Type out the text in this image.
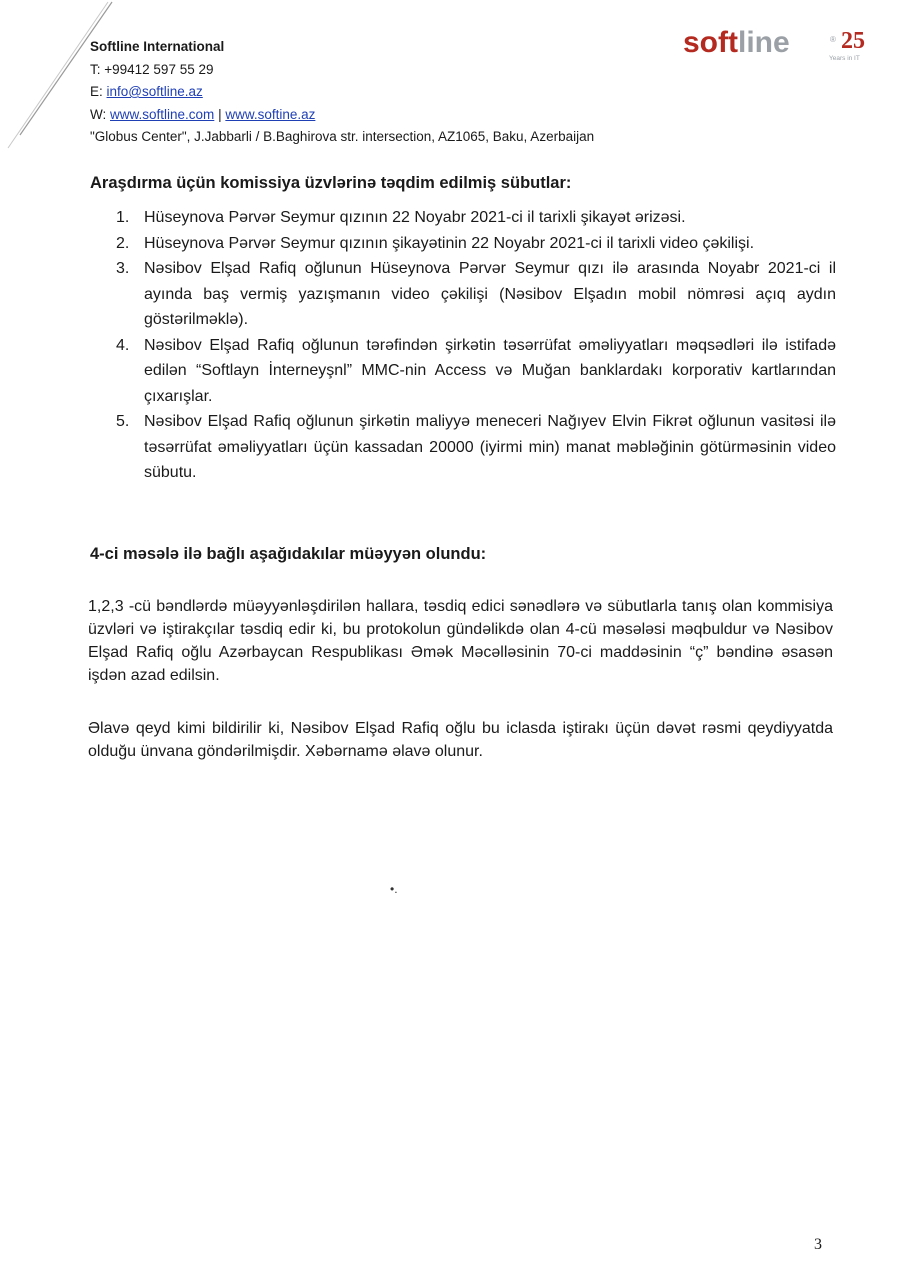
Softline International
T: +99412 597 55 29
E: info@softline.az
W: www.softline.com | www.softine.az
"Globus Center", J.Jabbarli / B.Baghirova str. intersection, AZ1065, Baku, Azerbaijan
softline	® 25
Years in IT
Araşdırma üçün komissiya üzvlərinə təqdim edilmiş sübutlar:
1. Hüseynova Pərvər Seymur qızının 22 Noyabr 2021-ci il tarixli şikayət ərizəsi.
2. Hüseynova Pərvər Seymur qızının şikayətinin 22 Noyabr 2021-ci il tarixli video çəkilişi.
3. Nəsibov Elşad Rafiq oğlunun Hüseynova Pərvər Seymur qızı ilə arasında Noyabr 2021-ci il ayında baş vermiş yazışmanın video çəkilişi (Nəsibov Elşadın mobil nömrəsi açıq aydın göstərilməklə).
4. Nəsibov Elşad Rafiq oğlunun tərəfindən şirkətin təsərrüfat əməliyyatları məqsədləri ilə istifadə edilən “Softlayn İnterneyşnl” MMC-nin Access və Muğan banklardakı korporativ kartlarından çıxarışlar.
5. Nəsibov Elşad Rafiq oğlunun şirkətin maliyyə meneceri Nağıyev Elvin Fikrət oğlunun vasitəsi ilə təsərrüfat əməliyyatları üçün kassadan 20000 (iyirmi min) manat məbləğinin götürməsinin video sübutu.
4-ci məsələ ilə bağlı aşağıdakılar müəyyən olundu:

1,2,3 -cü bəndlərdə müəyyənləşdirilən hallara, təsdiq edici sənədlərə və sübutlarla tanış olan kommisiya üzvləri və iştirakçılar təsdiq edir ki, bu protokolun gündəlikdə olan 4-cü məsələsi məqbuldur və Nəsibov Elşad Rafiq oğlu Azərbaycan Respublikası Əmək Məcəlləsinin 70-ci maddəsinin “ç” bəndinə əsasən işdən azad edilsin.

Əlavə qeyd kimi bildirilir ki, Nəsibov Elşad Rafiq oğlu bu iclasda iştirakı üçün dəvət rəsmi qeydiyyatda olduğu ünvana göndərilmişdir. Xəbərnamə əlavə olunur.

•.
3
